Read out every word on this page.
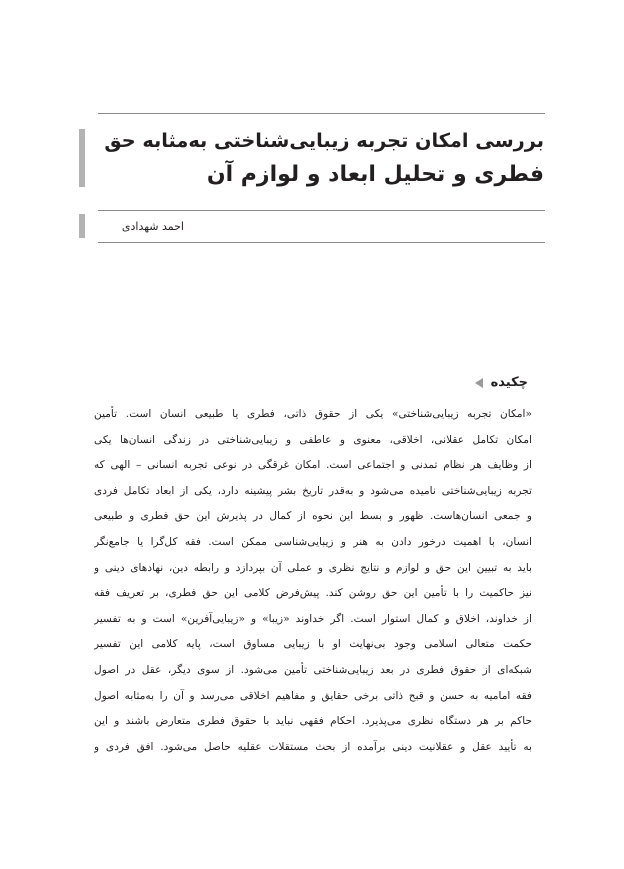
بررسی امکان تجربه زیبایی‌شناختی به‌مثابه حق
فطری و تحلیل ابعاد و لوازم آن
احمد شهدادی
چکیده
«امکان تجربه زیبایی‌شناختی» یکی از حقوق ذاتی، فطری یا طبیعی انسان است. تأمین
امکان تکامل عقلانی، اخلاقی، معنوی و عاطفی و زیبایی‌شناختی در زندگی انسان‌ها یکی
از وظایف هر نظام تمدنی و اجتماعی است. امکان غرقگی در نوعی تجربه انسانی – الهی که
تجربه زیبایی‌شناختی نامیده می‌شود و به‌قدر تاریخ بشر پیشینه دارد، یکی از ابعاد تکامل فردی
و جمعی انسان‌هاست. ظهور و بسط این نحوه از کمال در پذیرش این حق فطری و طبیعی
انسان، با اهمیت درخور دادن به هنر و زیبایی‌شناسی ممکن است. فقه کل‌گرا یا جامع‌نگر
باید به تبیین این حق و لوازم و نتایج نظری و عملی آن بپردازد و رابطه دین، نهادهای دینی و
نیز حاکمیت را با تأمین این حق روشن کند. پیش‌فرض کلامی این حق فطری، بر تعریف فقه
از خداوند، اخلاق و کمال استوار است. اگر خداوند «زیبا» و «زیبایی‌آفرین» است و به تفسیر
حکمت متعالی اسلامی وجود بی‌نهایت او با زیبایی مساوق است، پایه کلامی این تفسیر
شبکه‌ای از حقوق فطری در بعد زیبایی‌شناختی تأمین می‌شود. از سوی دیگر، عقل در اصول
فقه امامیه به حسن و قبح ذاتی برخی حقایق و مفاهیم اخلاقی می‌رسد و آن را به‌مثابه اصول
حاکم بر هر دستگاه نظری می‌پذیرد. احکام فقهی نباید با حقوق فطری متعارض باشند و این
به تأیید عقل و عقلانیت دینی برآمده از بحث مستقلات عقلیه حاصل می‌شود. افق فردی و
